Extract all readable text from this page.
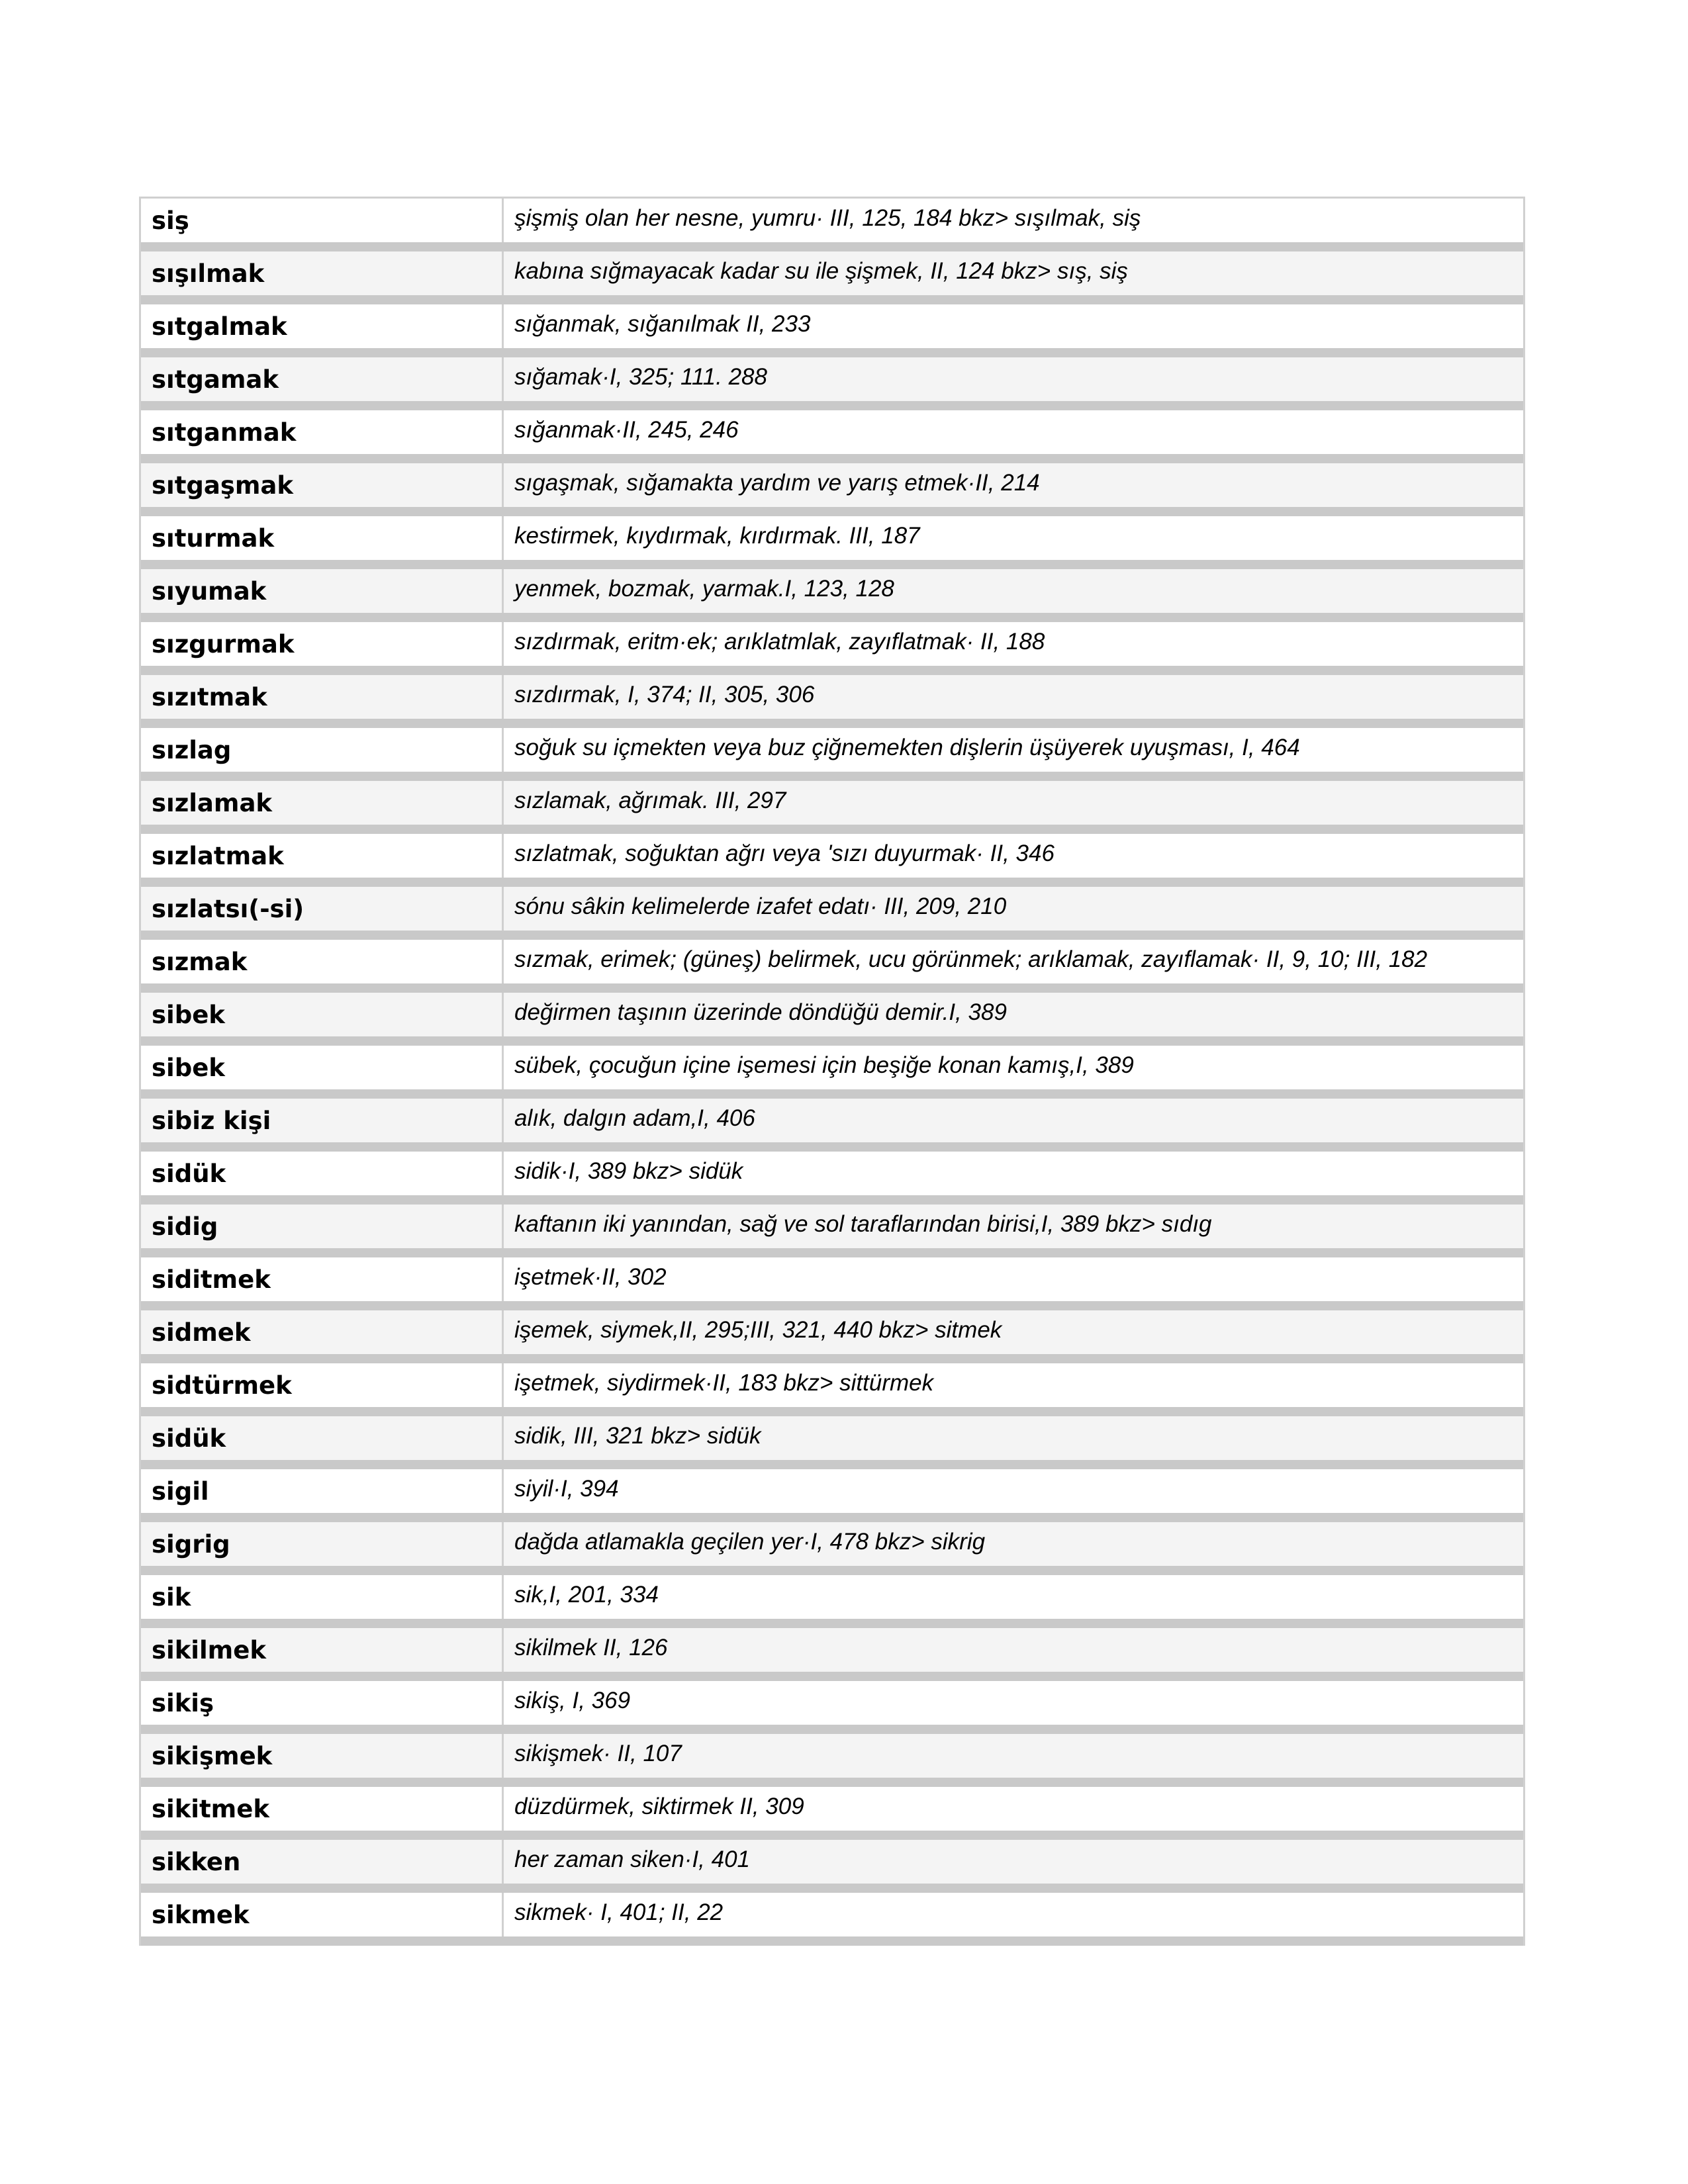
siş	şişmiş olan her nesne, yumru· III, 125, 184 bkz> sışılmak, siş
sışılmak	kabına sığmayacak kadar su ile şişmek, II, 124 bkz> sış, siş
sıtgalmak	sığanmak, sığanılmak II, 233
sıtgamak	sığamak·I, 325; 111. 288
sıtganmak	sığanmak·II, 245, 246
sıtgaşmak	sıgaşmak, sığamakta yardım ve yarış etmek·II, 214
sıturmak	kestirmek, kıydırmak, kırdırmak. III, 187
sıyumak	yenmek, bozmak, yarmak.I, 123, 128
sızgurmak	sızdırmak, eritm·ek; arıklatmlak, zayıflatmak· II, 188
sızıtmak	sızdırmak, I, 374; II, 305, 306
sızlag	soğuk su içmekten veya buz çiğnemekten dişlerin üşüyerek uyuşması, I, 464
sızlamak	sızlamak, ağrımak. III, 297
sızlatmak	sızlatmak, soğuktan ağrı veya 'sızı duyurmak· II, 346
sızlatsı(-si)	sónu sâkin kelimelerde izafet edatı· III, 209, 210
sızmak	sızmak, erimek; (güneş) belirmek, ucu görünmek; arıklamak, zayıflamak· II, 9, 10; III, 182
sibek	değirmen taşının üzerinde döndüğü demir.I, 389
sibek	sübek, çocuğun içine işemesi için beşiğe konan kamış,I, 389
sibiz kişi	alık, dalgın adam,I, 406
sidük	sidik·I, 389 bkz> sidük
sidig	kaftanın iki yanından, sağ ve sol taraflarından birisi,I, 389 bkz> sıdıg
siditmek	işetmek·II, 302
sidmek	işemek, siymek,II, 295;III, 321, 440 bkz> sitmek
sidtürmek	işetmek, siydirmek·II, 183 bkz> sittürmek
sidük	sidik, III, 321 bkz> sidük
sigil	siyil·I, 394
sigrig	dağda atlamakla geçilen yer·I, 478 bkz> sikrig
sik	sik,I, 201, 334
sikilmek	sikilmek II, 126
sikiş	sikiş, I, 369
sikişmek	sikişmek· II, 107
sikitmek	düzdürmek, siktirmek II, 309
sikken	her zaman siken·I, 401
sikmek	sikmek· I, 401; II, 22
